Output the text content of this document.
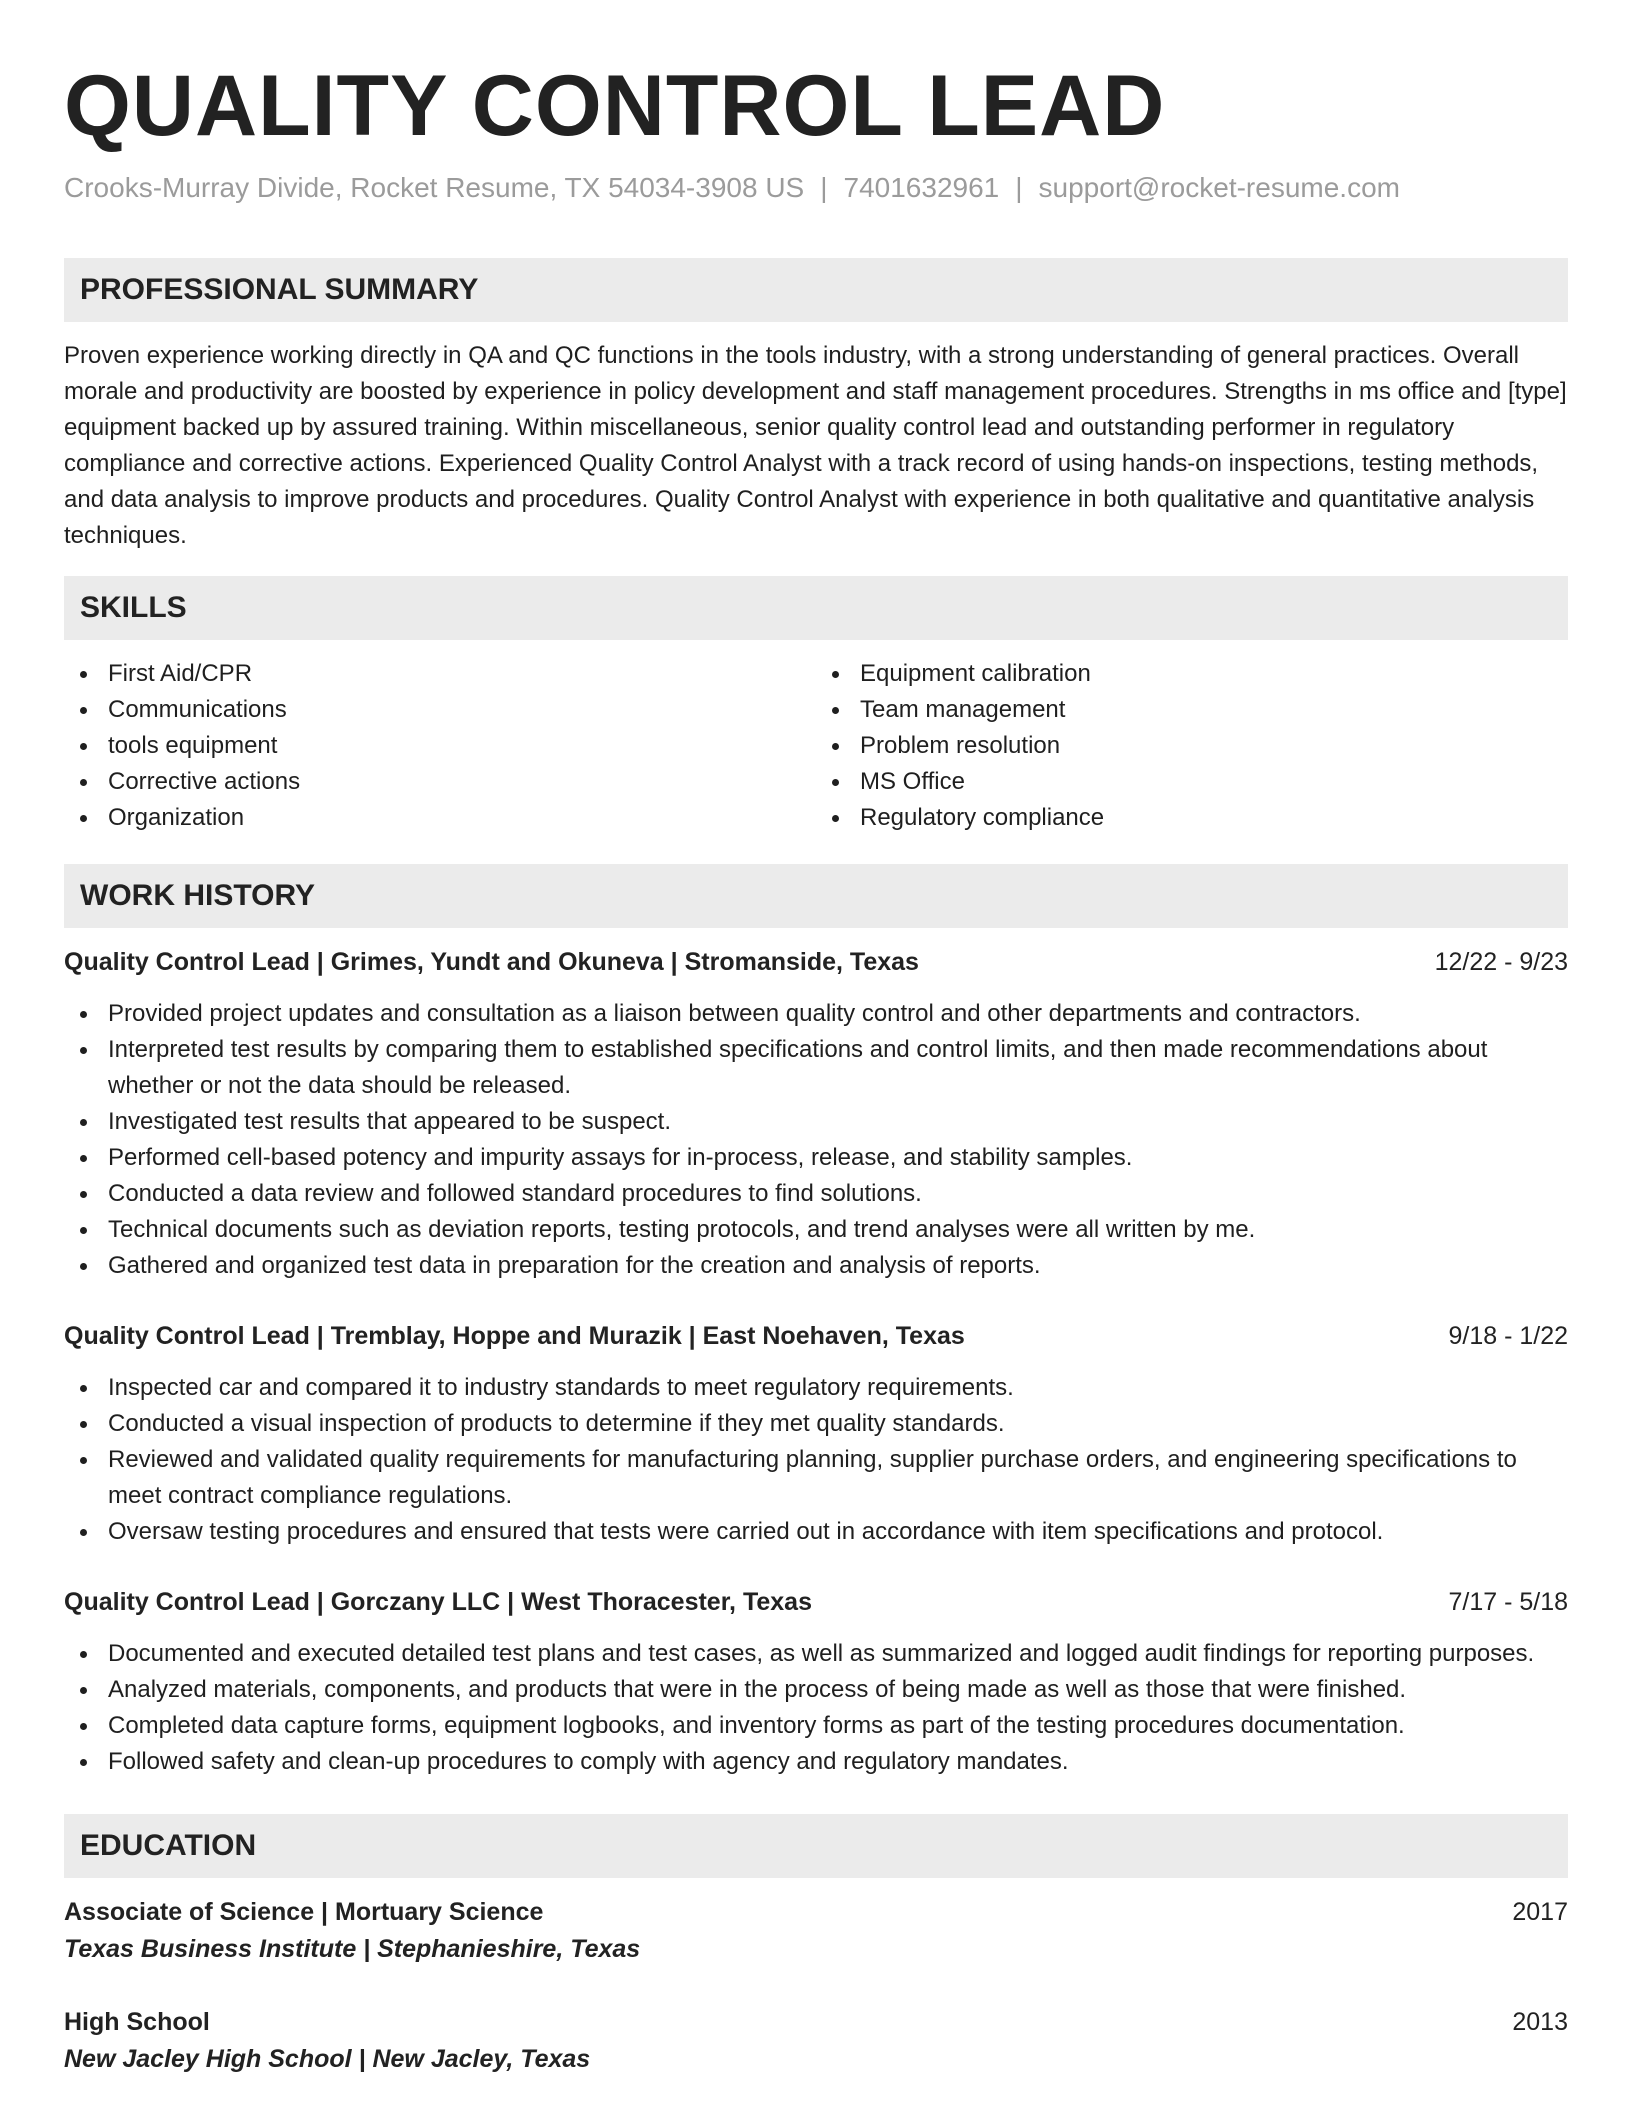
QUALITY CONTROL LEAD
Crooks-Murray Divide, Rocket Resume, TX 54034-3908 US | 7401632961 | support@rocket-resume.com
PROFESSIONAL SUMMARY

Proven experience working directly in QA and QC functions in the tools industry, with a strong understanding of general practices. Overall morale and productivity are boosted by experience in policy development and staff management procedures. Strengths in ms office and [type] equipment backed up by assured training. Within miscellaneous, senior quality control lead and outstanding performer in regulatory compliance and corrective actions. Experienced Quality Control Analyst with a track record of using hands-on inspections, testing methods, and data analysis to improve products and procedures. Quality Control Analyst with experience in both qualitative and quantitative analysis techniques.

SKILLS
First Aid/CPR
Communications
tools equipment
Corrective actions
Organization
Equipment calibration
Team management
Problem resolution
MS Office
Regulatory compliance
WORK HISTORY
Quality Control Lead | Grimes, Yundt and Okuneva | Stromanside, Texas	12/22 - 9/23
Provided project updates and consultation as a liaison between quality control and other departments and contractors.
Interpreted test results by comparing them to established specifications and control limits, and then made recommendations about whether or not the data should be released.
Investigated test results that appeared to be suspect.
Performed cell-based potency and impurity assays for in-process, release, and stability samples.
Conducted a data review and followed standard procedures to find solutions.
Technical documents such as deviation reports, testing protocols, and trend analyses were all written by me.
Gathered and organized test data in preparation for the creation and analysis of reports.
Quality Control Lead | Tremblay, Hoppe and Murazik | East Noehaven, Texas	9/18 - 1/22
Inspected car and compared it to industry standards to meet regulatory requirements.
Conducted a visual inspection of products to determine if they met quality standards.
Reviewed and validated quality requirements for manufacturing planning, supplier purchase orders, and engineering specifications to meet contract compliance regulations.
Oversaw testing procedures and ensured that tests were carried out in accordance with item specifications and protocol.
Quality Control Lead | Gorczany LLC | West Thoracester, Texas	7/17 - 5/18
Documented and executed detailed test plans and test cases, as well as summarized and logged audit findings for reporting purposes.
Analyzed materials, components, and products that were in the process of being made as well as those that were finished.
Completed data capture forms, equipment logbooks, and inventory forms as part of the testing procedures documentation.
Followed safety and clean-up procedures to comply with agency and regulatory mandates.
EDUCATION
Associate of Science | Mortuary Science	2017
Texas Business Institute | Stephanieshire, Texas
High School	2013
New Jacley High School | New Jacley, Texas
